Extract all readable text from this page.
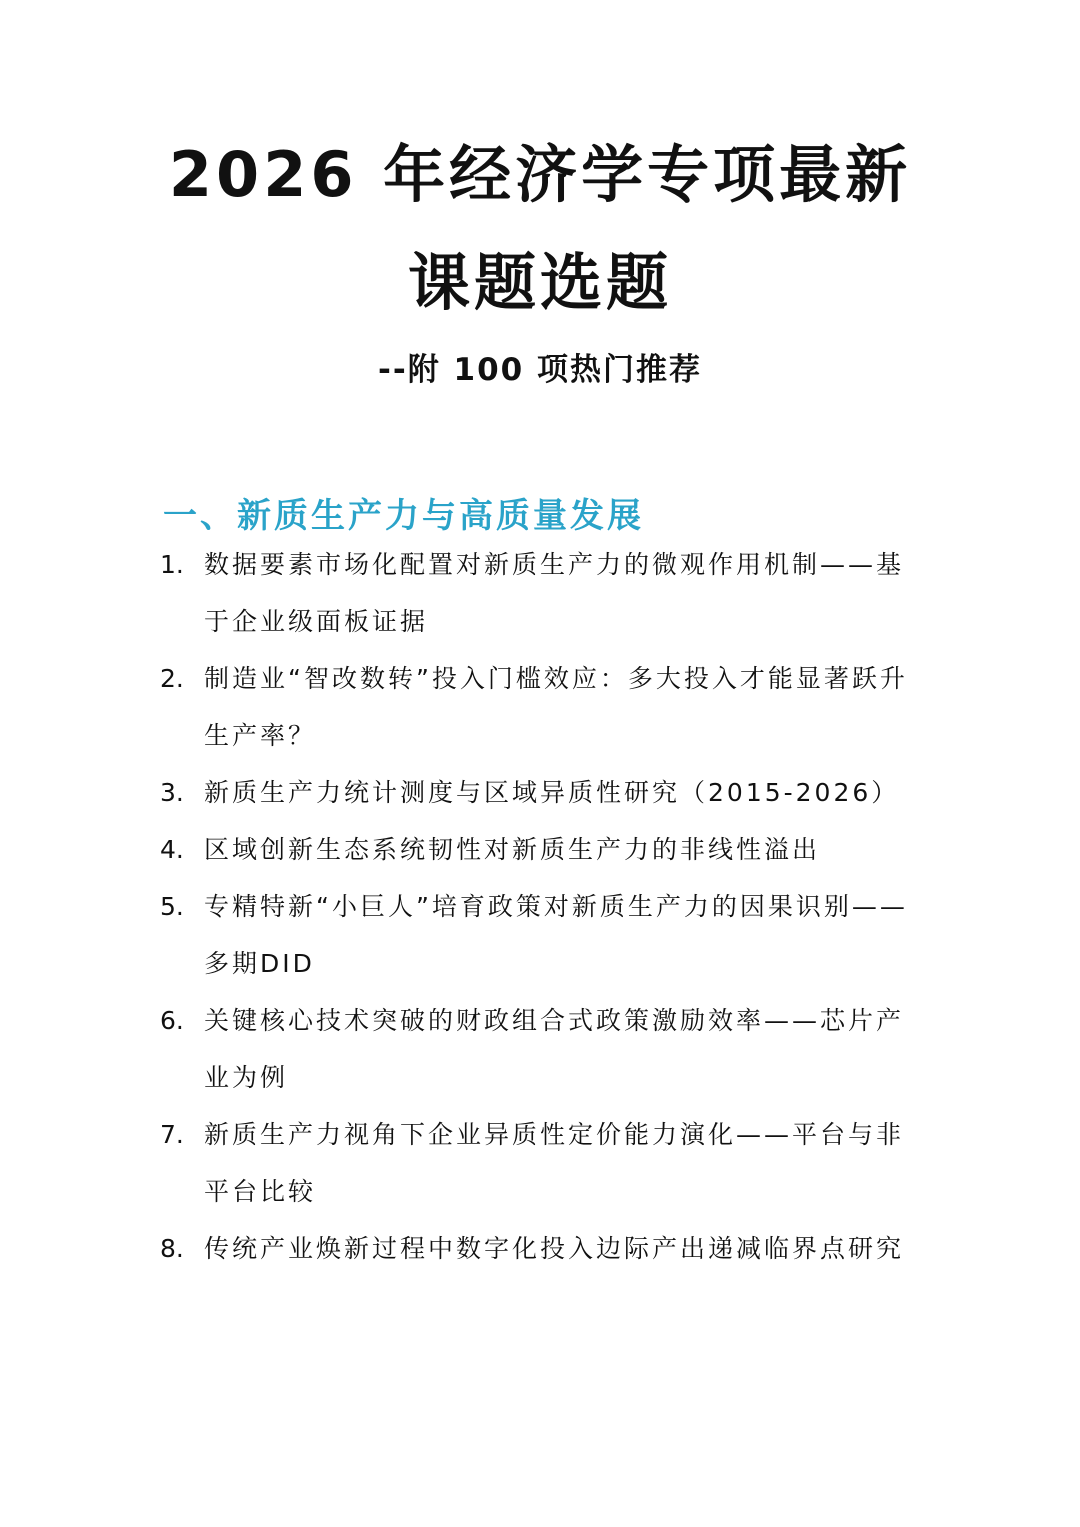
2026 年经济学专项最新
课题选题
--附 100 项热门推荐
一、新质生产力与高质量发展
1. 数据要素市场化配置对新质生产力的微观作用机制——基于企业级面板证据
2. 制造业“智改数转”投入门槛效应：多大投入才能显著跃升生产率？
3. 新质生产力统计测度与区域异质性研究（2015-2026）
4. 区域创新生态系统韧性对新质生产力的非线性溢出
5. 专精特新“小巨人”培育政策对新质生产力的因果识别——多期DID
6. 关键核心技术突破的财政组合式政策激励效率——芯片产业为例
7. 新质生产力视角下企业异质性定价能力演化——平台与非平台比较
8. 传统产业焕新过程中数字化投入边际产出递减临界点研究
